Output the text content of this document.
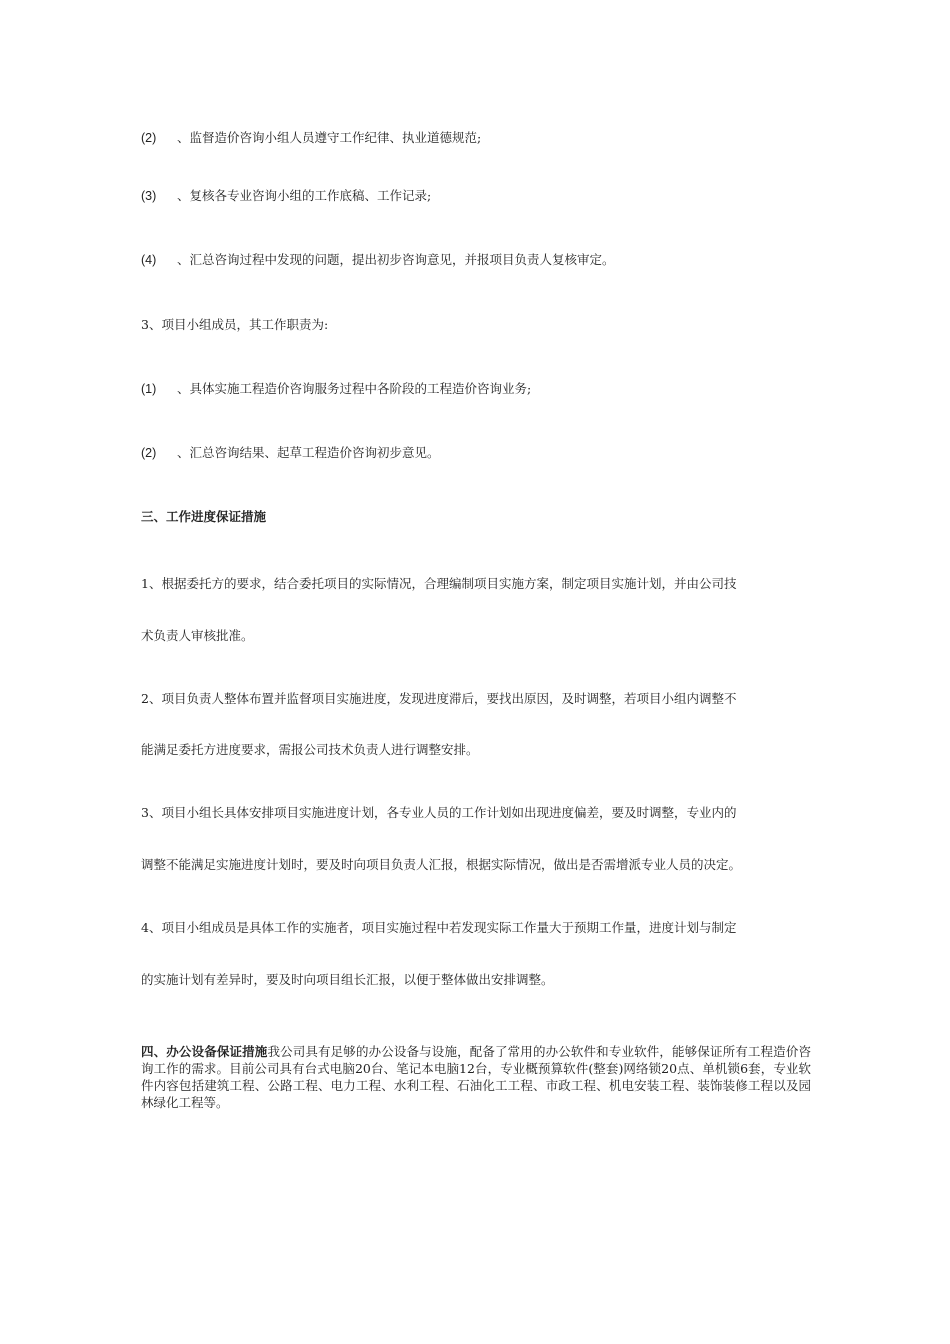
(2) 、监督造价咨询小组人员遵守工作纪律、执业道德规范;
(3) 、复核各专业咨询小组的工作底稿、工作记录;
(4) 、汇总咨询过程中发现的问题，提出初步咨询意见，并报项目负责人复核审定。
3、项目小组成员，其工作职责为:
(1) 、具体实施工程造价咨询服务过程中各阶段的工程造价咨询业务;
(2) 、汇总咨询结果、起草工程造价咨询初步意见。
三、工作进度保证措施
1、根据委托方的要求，结合委托项目的实际情况，合理编制项目实施方案，制定项目实施计划，并由公司技
术负责人审核批准。
2、项目负责人整体布置并监督项目实施进度，发现进度滞后，要找出原因，及时调整，若项目小组内调整不
能满足委托方进度要求，需报公司技术负责人进行调整安排。
3、项目小组长具体安排项目实施进度计划，各专业人员的工作计划如出现进度偏差，要及时调整，专业内的
调整不能满足实施进度计划时，要及时向项目负责人汇报，根据实际情况，做出是否需增派专业人员的决定。
4、项目小组成员是具体工作的实施者，项目实施过程中若发现实际工作量大于预期工作量，进度计划与制定
的实施计划有差异时，要及时向项目组长汇报，以便于整体做出安排调整。
四、办公设备保证措施我公司具有足够的办公设备与设施，配备了常用的办公软件和专业软件，能够保证所有工程造价咨询工作的需求。目前公司具有台式电脑20台、笔记本电脑12台，专业概预算软件(整套)网络锁20点、单机锁6套，专业软件内容包括建筑工程、公路工程、电力工程、水利工程、石油化工工程、市政工程、机电安装工程、装饰装修工程以及园林绿化工程等。
